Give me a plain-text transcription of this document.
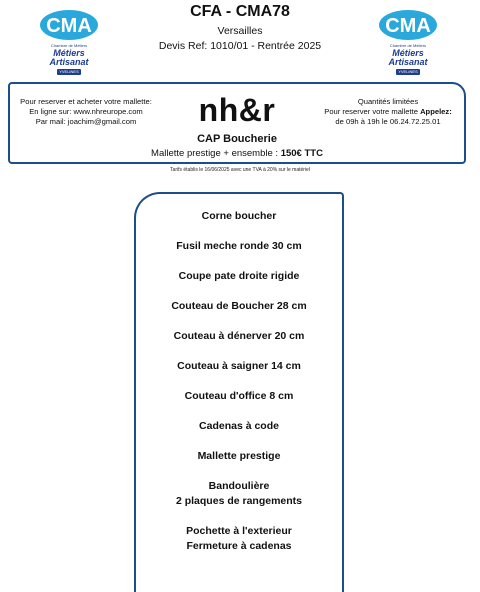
CMA
Chambre de Métiers
Métiers
Artisanat
YVELINES
CMA
Chambre de Métiers
Métiers
Artisanat
YVELINES
CFA - CMA78
Versailles
Devis Ref: 1010/01 - Rentrée 2025
Pour reserver et acheter votre mallette:
En ligne sur: www.nhreurope.com
Par mail: joachim@gmail.com	nh&r	Quantités limitées
Pour reserver votre mallette Appelez:
de 09h à 19h le 06.24.72.25.01
CAP Boucherie
Mallette prestige + ensemble : 150€ TTC
Tarifs établis le 16/06/2025 avec une TVA à 20% sur le matériel
Corne boucher
Fusil meche ronde 30 cm
Coupe pate droite rigide
Couteau de Boucher 28 cm
Couteau à dénerver 20 cm
Couteau à saigner 14 cm
Couteau d'office 8 cm
Cadenas à code
Mallette prestige
Bandoulière
2 plaques de rangements
Pochette à l'exterieur
Fermeture à cadenas
